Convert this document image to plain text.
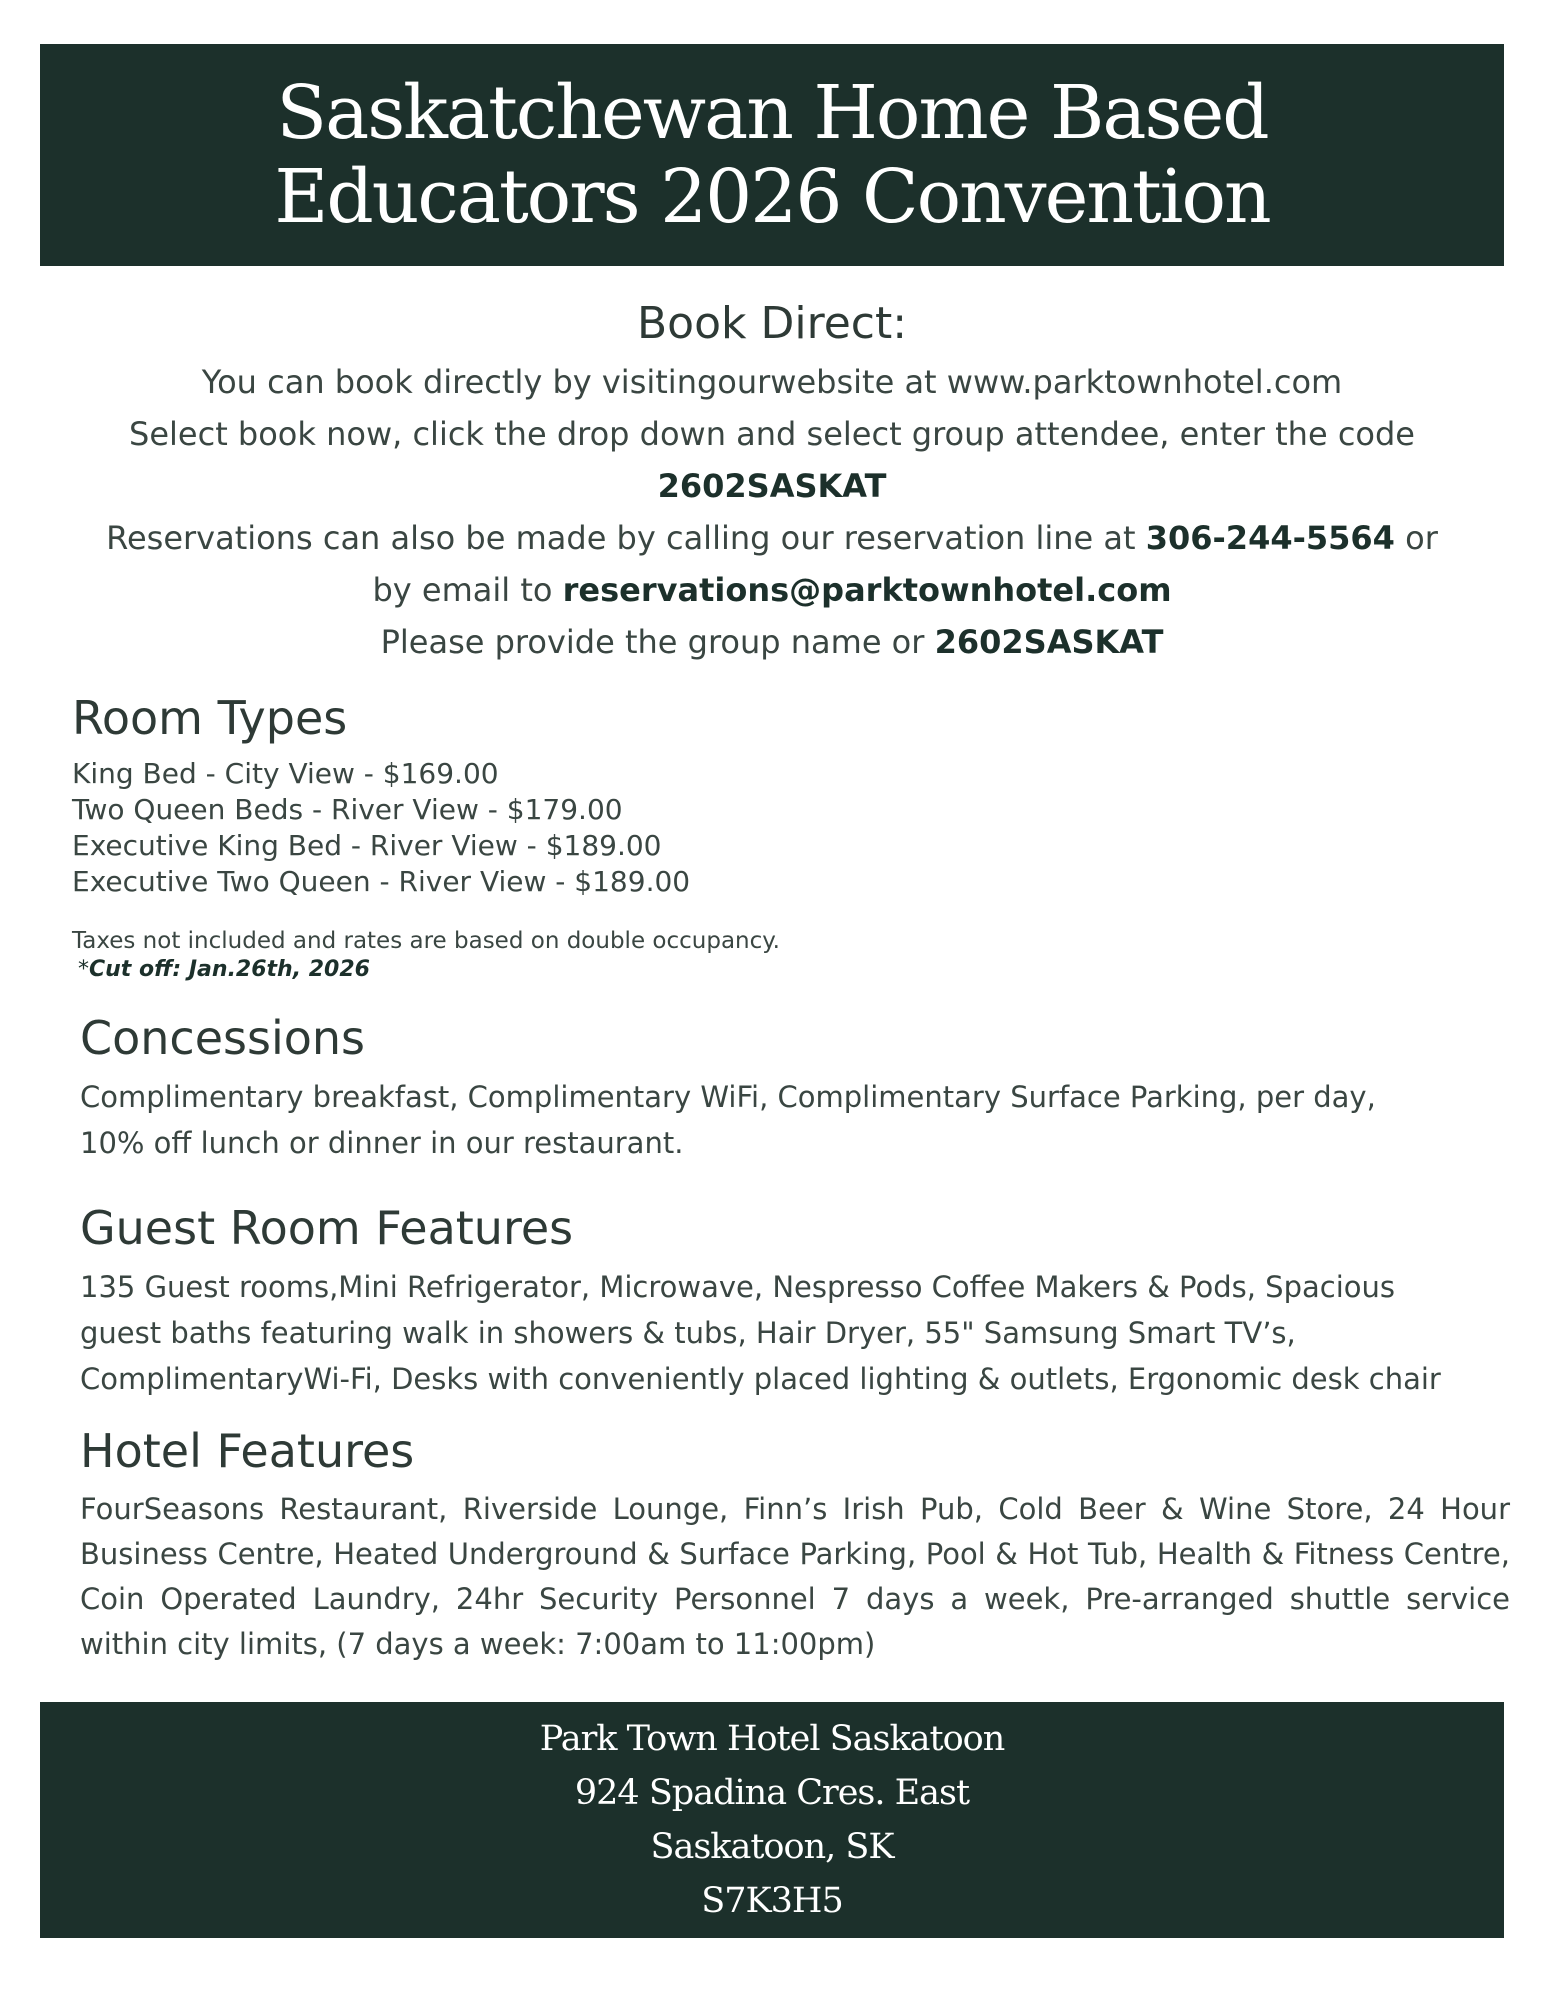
Saskatchewan Home Based
Educators 2026 Convention
Book Direct:
You can book directly by visitingourwebsite at www.parktownhotel.com
Select book now, click the drop down and select group attendee, enter the code
2602SASKAT
Reservations can also be made by calling our reservation line at 306-244-5564 or
by email to reservations@parktownhotel.com
Please provide the group name or 2602SASKAT
Room Types
King Bed - City View - $169.00
Two Queen Beds - River View - $179.00
Executive King Bed - River View - $189.00
Executive Two Queen - River View - $189.00
Taxes not included and rates are based on double occupancy.
*Cut off: Jan.26th, 2026
Concessions
Complimentary breakfast, Complimentary WiFi, Complimentary Surface Parking, per day,
10% off lunch or dinner in our restaurant.
Guest Room Features
135 Guest rooms,Mini Refrigerator, Microwave, Nespresso Coffee Makers & Pods, Spacious
guest baths featuring walk in showers & tubs, Hair Dryer, 55" Samsung Smart TV’s,
ComplimentaryWi-Fi, Desks with conveniently placed lighting & outlets, Ergonomic desk chair
Hotel Features
FourSeasons Restaurant, Riverside Lounge, Finn’s Irish Pub, Cold Beer & Wine Store, 24 Hour Business Centre, Heated Underground & Surface Parking, Pool & Hot Tub, Health & Fitness Centre, Coin Operated Laundry, 24hr Security Personnel 7 days a week, Pre-arranged shuttle service within city limits, (7 days a week: 7:00am to 11:00pm)
Park Town Hotel Saskatoon
924 Spadina Cres. East
Saskatoon, SK
S7K3H5
